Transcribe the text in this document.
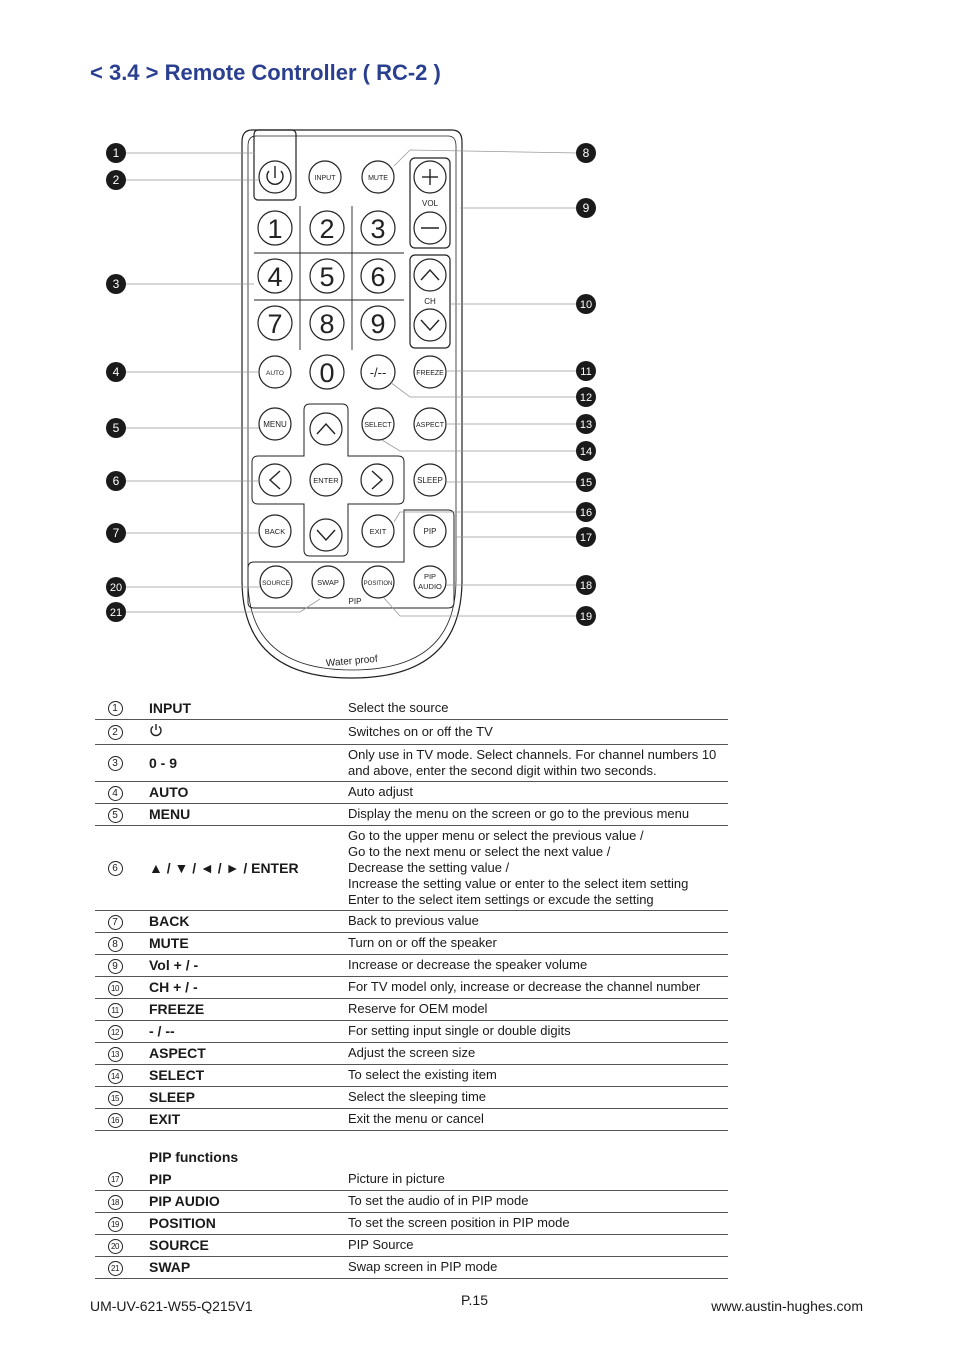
< 3.4 > Remote Controller ( RC-2 )
INPUT	MUTE
VOL
CH
1 2 3
4 5 6
7 8 9
0
AUTO	-/--	FREEZE
MENU	SELECT	ASPECT
ENTER	SLEEP
BACK	EXIT	PIP
SOURCE	SWAP	POSITION
PIP
AUDIO
PIP
Water proof
1
2
3
4
5
6
7
20
21
8
9
10
11
12
13
14
15
16
17
18
19
1	INPUT	Select the source

2		Switches on or off the TV

3	0 - 9	Only use in TV mode. Select channels. For channel numbers 10
and above, enter the second digit within two seconds.

4	AUTO	Auto adjust

5	MENU	Display the menu on the screen or go to the previous menu

6	▲ / ▼ / ◄ / ► / ENTER	Go to the upper menu or select the previous value /
Go to the next menu or select the next value /
Decrease the setting value /
Increase the setting value or enter to the select item setting
Enter to the select item settings or excude the setting

7	BACK	Back to previous value

8	MUTE	Turn on or off the speaker

9	Vol + / -	Increase or decrease the speaker volume

10	CH + / -	For TV model only, increase or decrease the channel number

11	FREEZE	Reserve for OEM model

12	- / --	For setting input single or double digits

13	ASPECT	Adjust the screen size

14	SELECT	To select the existing item

15	SLEEP	Select the sleeping time

16	EXIT	Exit the menu or cancel
PIP functions
17	PIP	Picture in picture

18	PIP AUDIO	To set the audio of in PIP mode

19	POSITION	To set the screen position in PIP mode

20	SOURCE	PIP Source

21	SWAP	Swap screen in PIP mode
UM-UV-621-W55-Q215V1	P.15	www.austin-hughes.com
